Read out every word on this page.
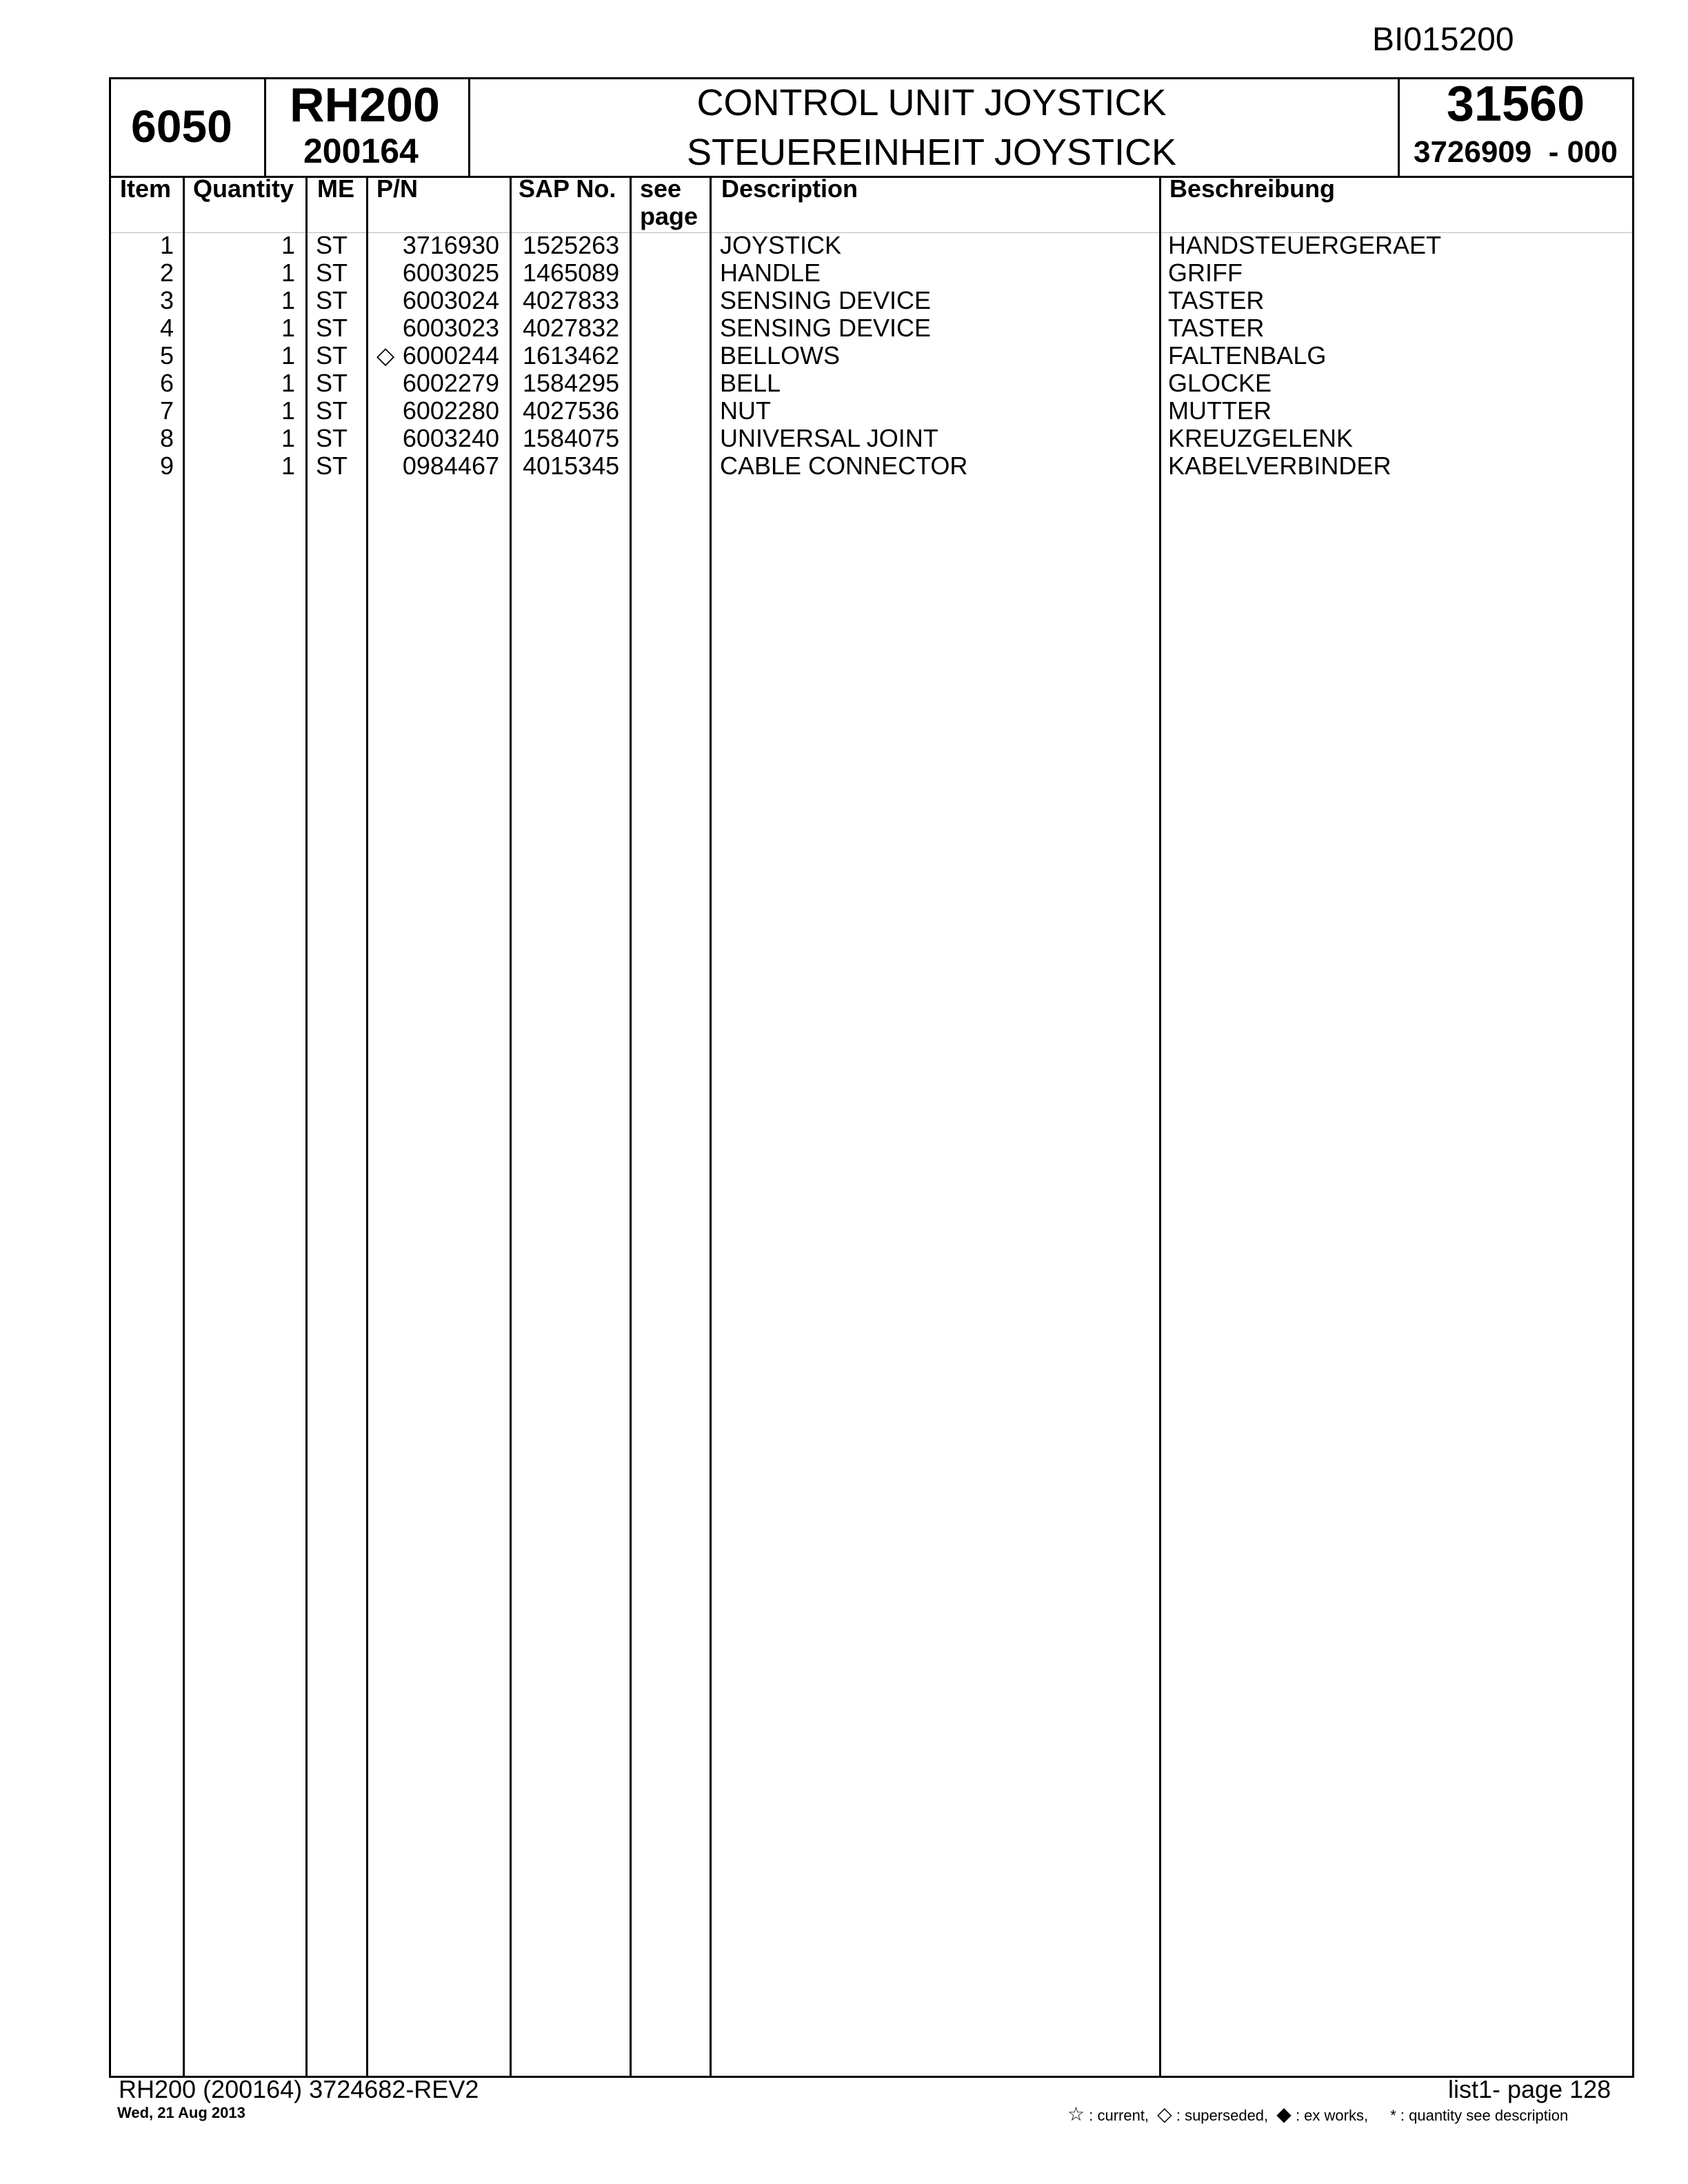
BI015200
6050 RH200
200164
CONTROL UNIT JOYSTICK
STEUEREINHEIT JOYSTICK
31560
3726909  - 000
Item Quantity ME P/N	SAP No. see page
Description	Beschreibung
1	1 ST	3716930 1525263	JOYSTICK	HANDSTEUERGERAET
2	1 ST	6003025 1465089	HANDLE	GRIFF
3	1 ST	6003024 4027833	SENSING DEVICE	TASTER
4	1 ST	6003023 4027832	SENSING DEVICE	TASTER
5	1 ST	◇ 6000244 1613462	BELLOWS	FALTENBALG
6	1 ST	6002279 1584295	BELL	GLOCKE
7	1 ST	6002280 4027536	NUT	MUTTER
8	1 ST	6003240 1584075	UNIVERSAL JOINT	KREUZGELENK
9	1 ST	0984467 4015345	CABLE CONNECTOR	KABELVERBINDER
RH200 (200164) 3724682-REV2
Wed, 21 Aug 2013
list1- page 128
☆ : current, ◇ : superseded, ◆ : ex works, * : quantity see description
